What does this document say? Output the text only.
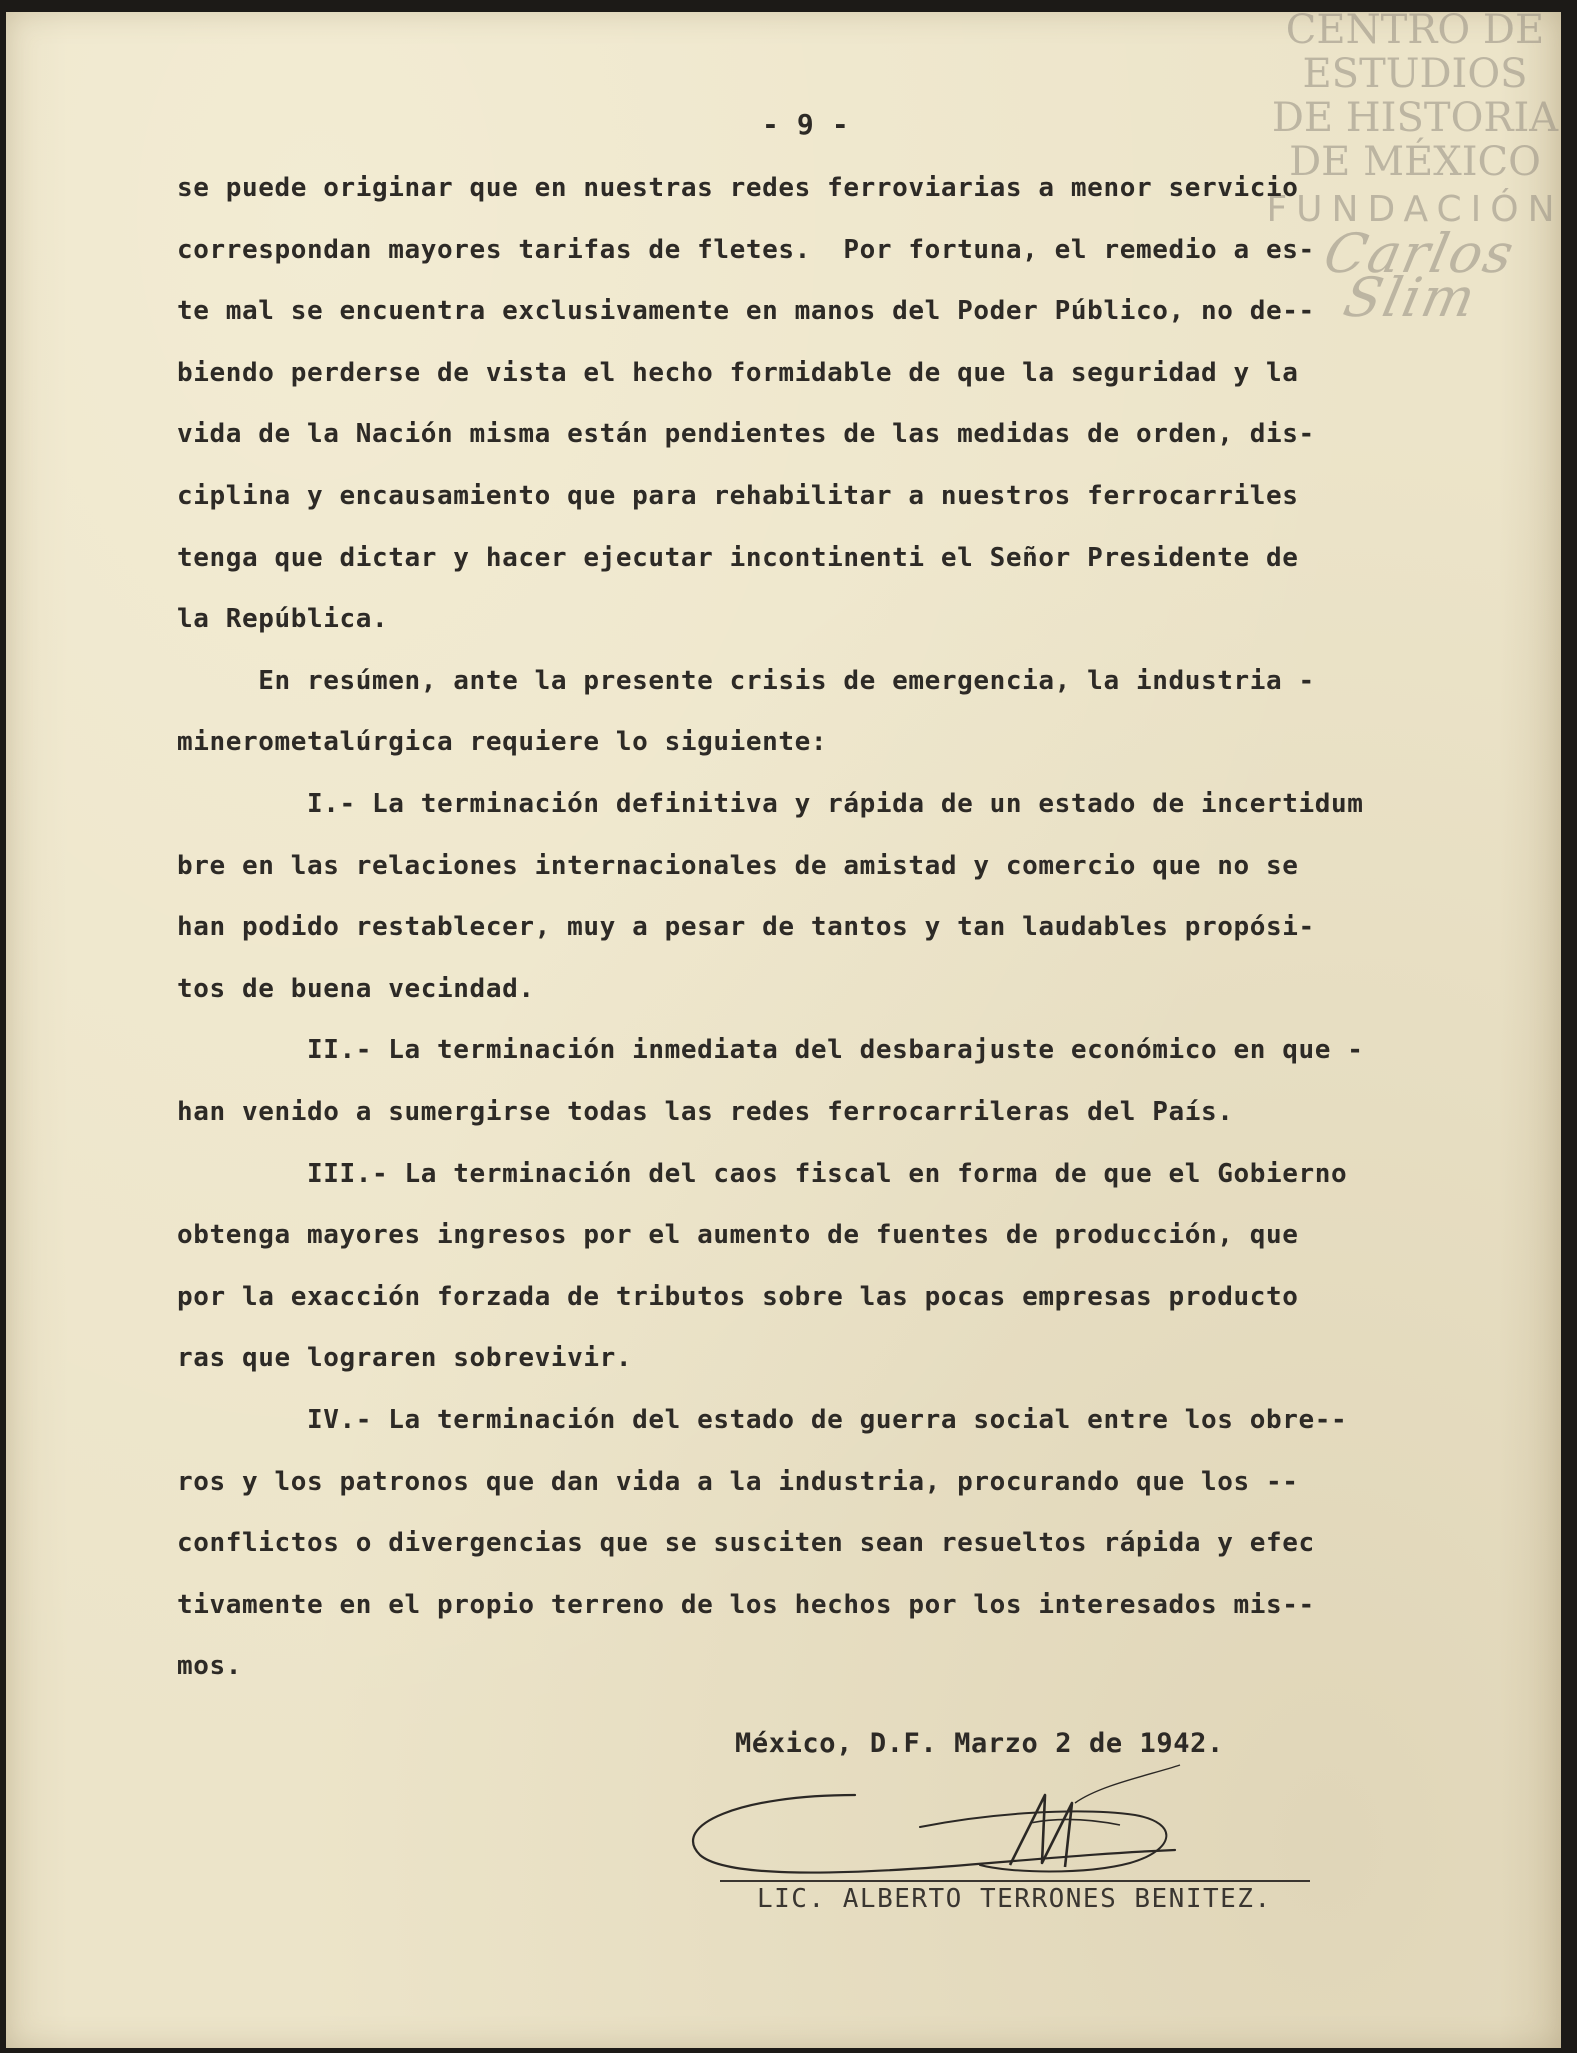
CENTRO DE
ESTUDIOS
DE HISTORIA
DE MÉXICO
FUNDACIÓN
Carlos Slim
- 9 -
se puede originar que en nuestras redes ferroviarias a menor servicio
correspondan mayores tarifas de fletes.  Por fortuna, el remedio a es-
te mal se encuentra exclusivamente en manos del Poder Público, no de--
biendo perderse de vista el hecho formidable de que la seguridad y la
vida de la Nación misma están pendientes de las medidas de orden, dis-
ciplina y encausamiento que para rehabilitar a nuestros ferrocarriles
tenga que dictar y hacer ejecutar incontinenti el Señor Presidente de
la República.
En resúmen, ante la presente crisis de emergencia, la industria -
minerometalúrgica requiere lo siguiente:
I.- La terminación definitiva y rápida de un estado de incertidum
bre en las relaciones internacionales de amistad y comercio que no se
han podido restablecer, muy a pesar de tantos y tan laudables propósi-
tos de buena vecindad.
II.- La terminación inmediata del desbarajuste económico en que -
han venido a sumergirse todas las redes ferrocarrileras del País.
III.- La terminación del caos fiscal en forma de que el Gobierno
obtenga mayores ingresos por el aumento de fuentes de producción, que
por la exacción forzada de tributos sobre las pocas empresas producto
ras que lograren sobrevivir.
IV.- La terminación del estado de guerra social entre los obre--
ros y los patronos que dan vida a la industria, procurando que los --
conflictos o divergencias que se susciten sean resueltos rápida y efec
tivamente en el propio terreno de los hechos por los interesados mis--
mos.
México, D.F. Marzo 2 de 1942.
LIC. ALBERTO TERRONES BENITEZ.
